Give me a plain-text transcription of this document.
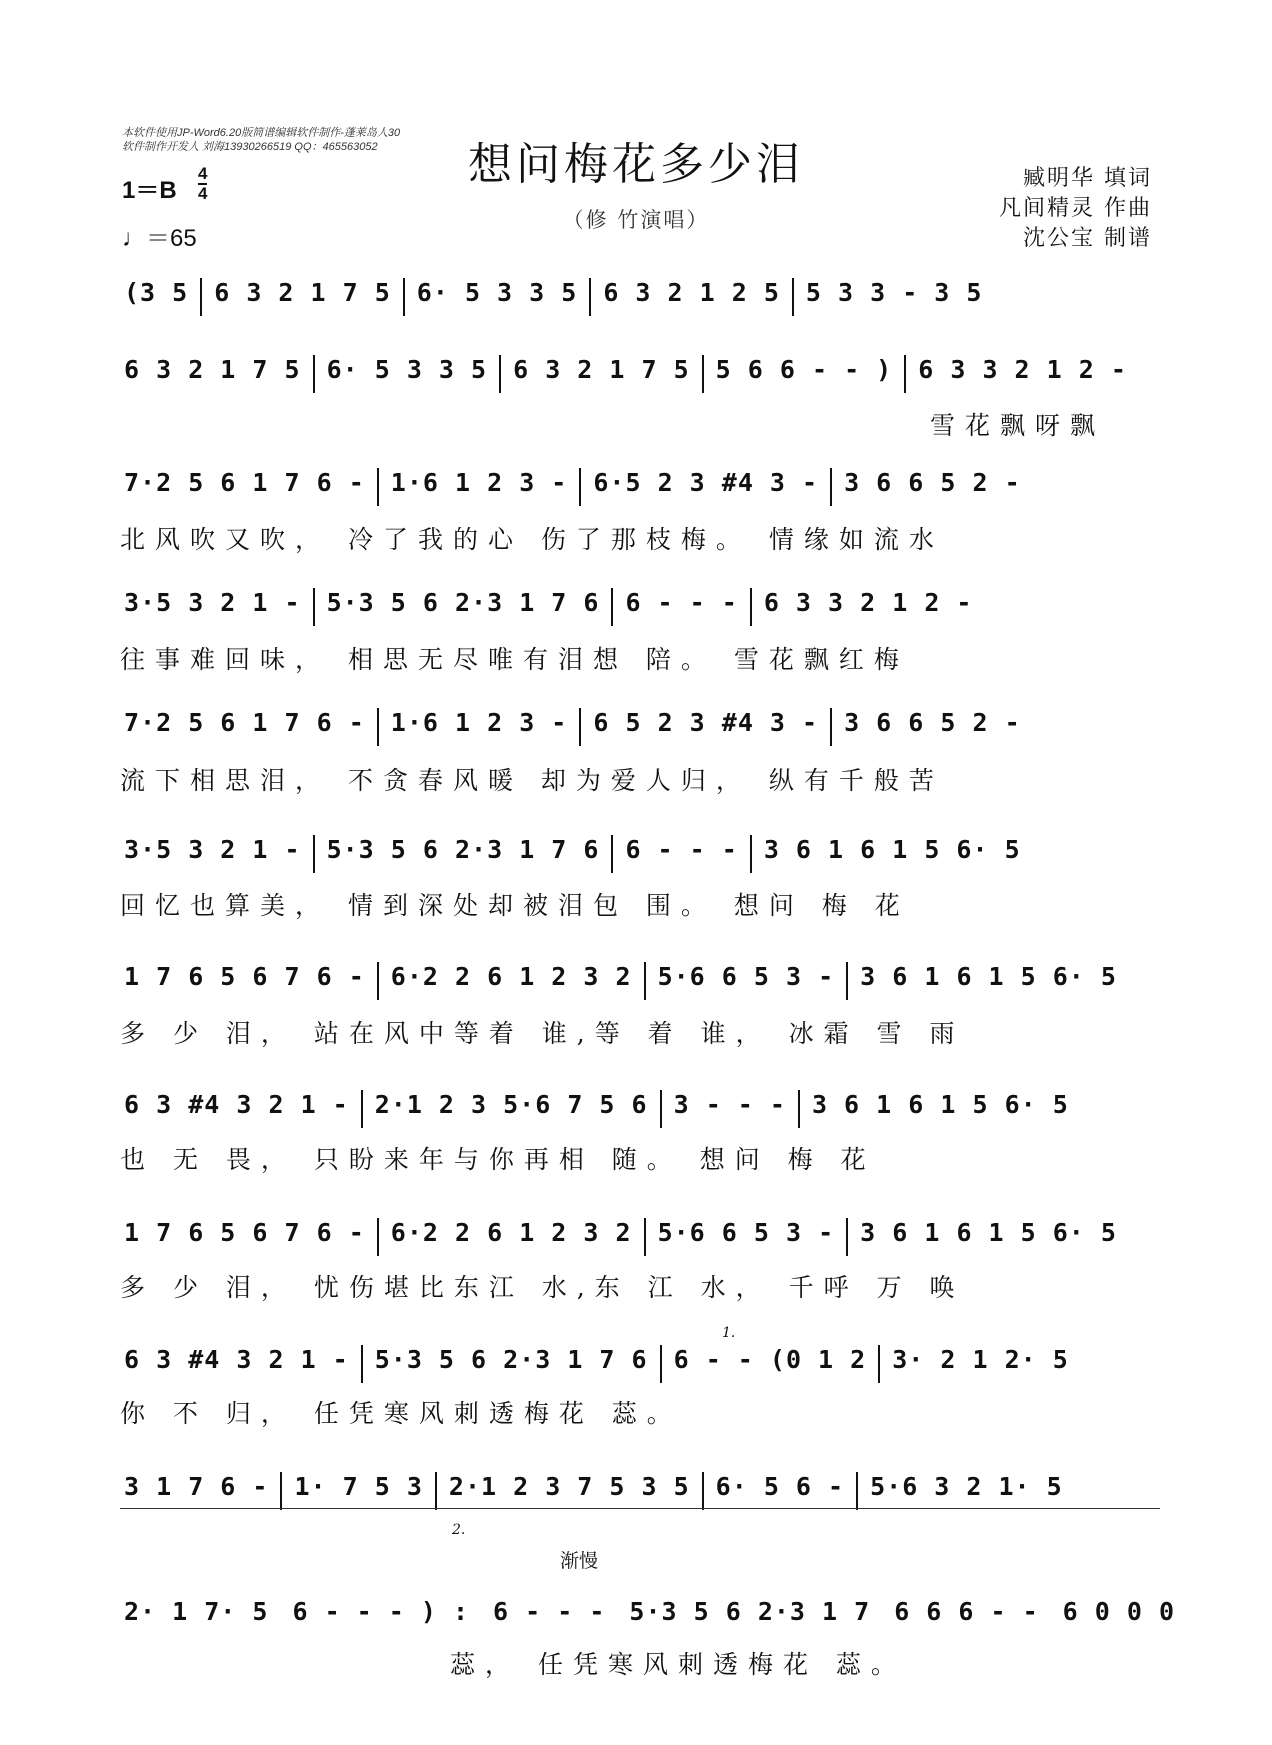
本软件使用JP-Word6.20版简谱编辑软件制作-蓬莱岛人30
软件制作开发人 刘海13930266519 QQ：465563052	想问梅花多少泪
（修 竹演唱）
1＝B
4
4
♩＝65
臧明华 填词
凡间精灵 作曲
沈公宝 制谱
(3 5 6 3 2 1 7 5 6· 5 3 3 5 6 3 2 1 2 5 5 3 3 - 3 5
6 3 2 1 7 5 6· 5 3 3 5 6 3 2 1 7 5 5 6 6 - - ) 6 3 3 2 1 2 -
雪花飘呀飘
7·2 5 6 1 7 6 - 1·6 1 2 3 - 6·5 2 3 #4 3 - 3 6 6 5 2 -
北风吹又吹， 冷了我的心 伤了那枝梅。 情缘如流水
3·5 3 2 1 - 5·3 5 6 2·3 1 7 6 6 - - - 6 3 3 2 1 2 -
往事难回味， 相思无尽唯有泪想 陪。 雪花飘红梅
7·2 5 6 1 7 6 - 1·6 1 2 3 - 6 5 2 3 #4 3 - 3 6 6 5 2 -
流下相思泪， 不贪春风暖 却为爱人归， 纵有千般苦
3·5 3 2 1 - 5·3 5 6 2·3 1 7 6 6 - - - 3 6 1 6 1 5 6· 5
回忆也算美， 情到深处却被泪包 围。 想问 梅 花
1 7 6 5 6 7 6 - 6·2 2 6 1 2 3 2 5·6 6 5 3 - 3 6 1 6 1 5 6· 5
多 少 泪， 站在风中等着 谁,等 着 谁， 冰霜 雪 雨
6 3 #4 3 2 1 - 2·1 2 3 5·6 7 5 6 3 - - - 3 6 1 6 1 5 6· 5
也 无 畏， 只盼来年与你再相 随。 想问 梅 花
1 7 6 5 6 7 6 - 6·2 2 6 1 2 3 2 5·6 6 5 3 - 3 6 1 6 1 5 6· 5
多 少 泪， 忧伤堪比东江 水,东 江 水， 千呼 万 唤
6 3 #4 3 2 1 - 5·3 5 6 2·3 1 7 6 6 - - (0 1 2 3· 2 1 2· 5
你 不 归， 任凭寒风刺透梅花 蕊。
3 1 7 6 - 1· 7 5 3 2·1 2 3 7 5 3 5 6· 5 6 - 5·6 3 2 1· 5
2· 1 7· 5 6 - - - ) : 6 - - - 5·3 5 6 2·3 1 7 6 6 6 - - 6 0 0 0
蕊， 任凭寒风刺透梅花 蕊。
1.
2.
渐慢
